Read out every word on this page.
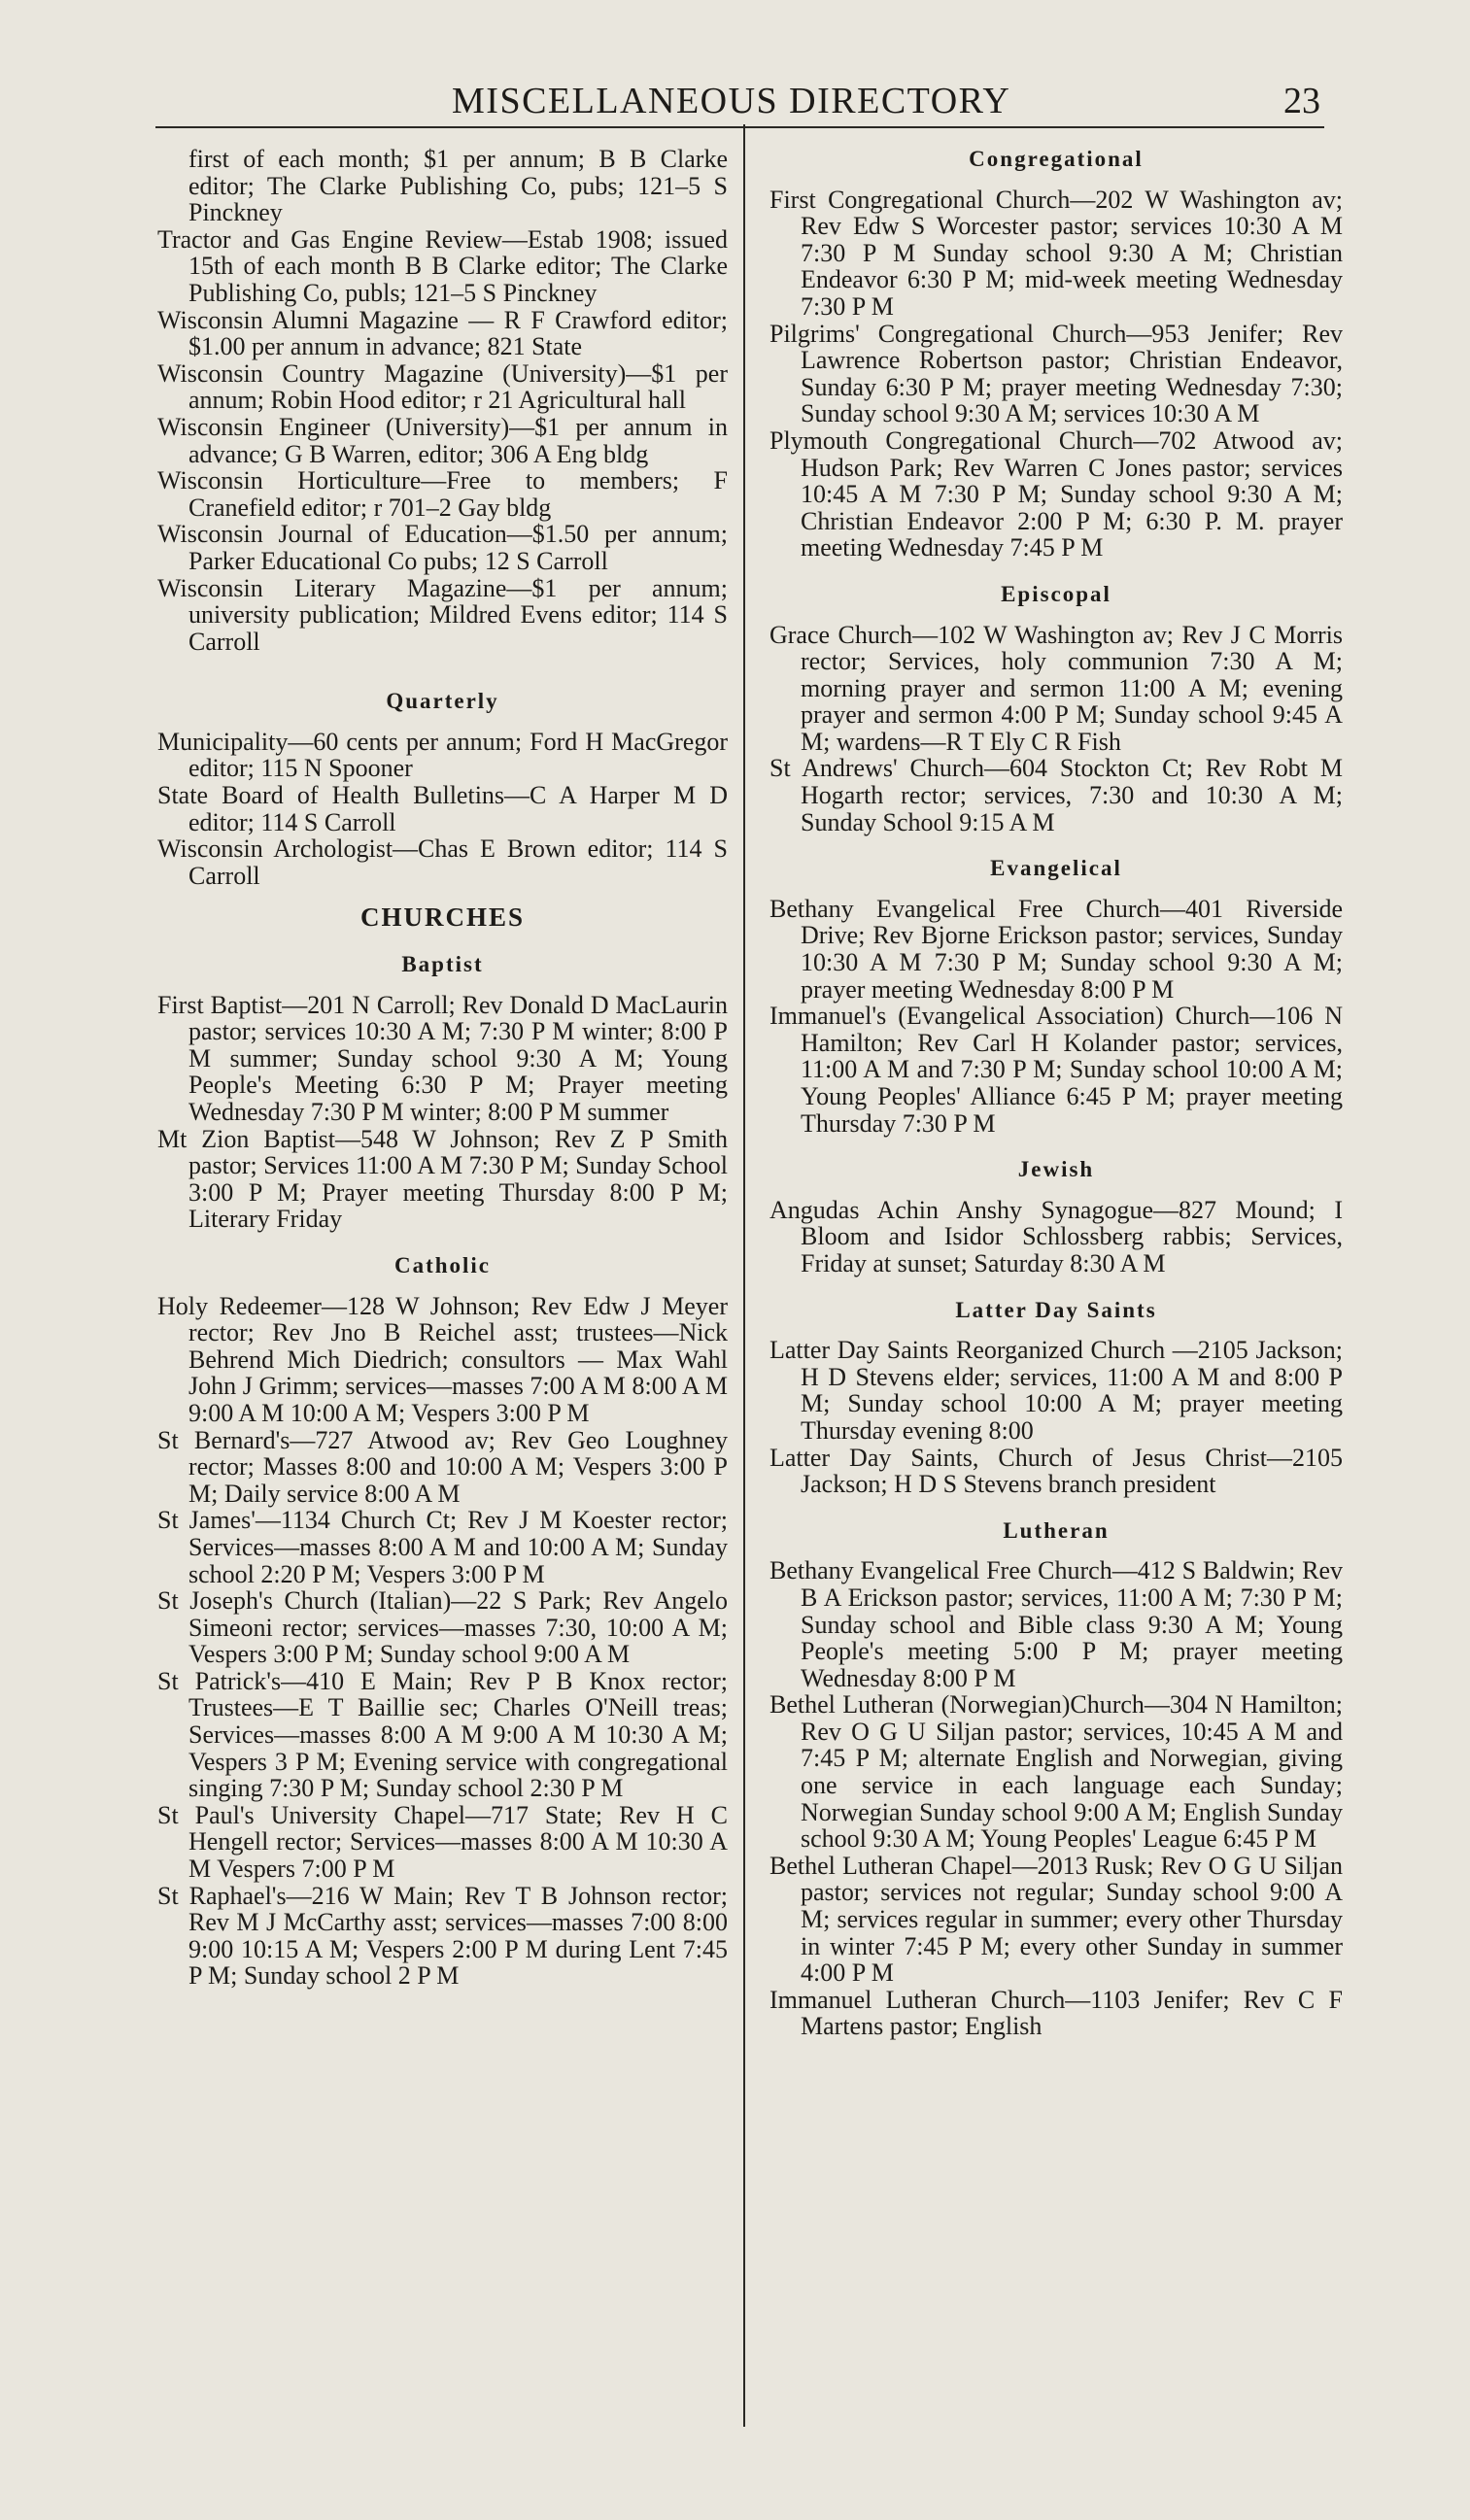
MISCELLANEOUS DIRECTORY	23

first of each month; $1 per annum; B B Clarke editor; The Clarke Publishing Co, pubs; 121–5 S Pinckney

Tractor and Gas Engine Review—Estab 1908; issued 15th of each month B B Clarke editor; The Clarke Publishing Co, publs; 121–5 S Pinckney

Wisconsin Alumni Magazine — R F Crawford editor; $1.00 per annum in advance; 821 State

Wisconsin Country Magazine (University)—$1 per annum; Robin Hood editor; r 21 Agricultural hall

Wisconsin Engineer (University)—$1 per annum in advance; G B Warren, editor; 306 A Eng bldg

Wisconsin Horticulture—Free to members; F Cranefield editor; r 701–2 Gay bldg

Wisconsin Journal of Education—$1.50 per annum; Parker Educational Co pubs; 12 S Carroll

Wisconsin Literary Magazine—$1 per annum; university publication; Mildred Evens editor; 114 S Carroll

Quarterly

Municipality—60 cents per annum; Ford H MacGregor editor; 115 N Spooner

State Board of Health Bulletins—C A Harper M D editor; 114 S Carroll

Wisconsin Archologist—Chas E Brown editor; 114 S Carroll

CHURCHES
Baptist

First Baptist—201 N Carroll; Rev Donald D MacLaurin pastor; services 10:30 A M; 7:30 P M winter; 8:00 P M summer; Sunday school 9:30 A M; Young People's Meeting 6:30 P M; Prayer meeting Wednesday 7:30 P M winter; 8:00 P M summer

Mt Zion Baptist—548 W Johnson; Rev Z P Smith pastor; Services 11:00 A M 7:30 P M; Sunday School 3:00 P M; Prayer meeting Thursday 8:00 P M; Literary Friday

Catholic

Holy Redeemer—128 W Johnson; Rev Edw J Meyer rector; Rev Jno B Reichel asst; trustees—Nick Behrend Mich Diedrich; consultors — Max Wahl John J Grimm; services—masses 7:00 A M 8:00 A M 9:00 A M 10:00 A M; Vespers 3:00 P M

St Bernard's—727 Atwood av; Rev Geo Loughney rector; Masses 8:00 and 10:00 A M; Vespers 3:00 P M; Daily service 8:00 A M

St James'—1134 Church Ct; Rev J M Koester rector; Services—masses 8:00 A M and 10:00 A M; Sunday school 2:20 P M; Vespers 3:00 P M

St Joseph's Church (Italian)—22 S Park; Rev Angelo Simeoni rector; services—masses 7:30, 10:00 A M; Vespers 3:00 P M; Sunday school 9:00 A M

St Patrick's—410 E Main; Rev P B Knox rector; Trustees—E T Baillie sec; Charles O'Neill treas; Services—masses 8:00 A M 9:00 A M 10:30 A M; Vespers 3 P M; Evening service with congregational singing 7:30 P M; Sunday school 2:30 P M

St Paul's University Chapel—717 State; Rev H C Hengell rector; Services—masses 8:00 A M 10:30 A M Vespers 7:00 P M

St Raphael's—216 W Main; Rev T B Johnson rector; Rev M J McCarthy asst; services—masses 7:00 8:00 9:00 10:15 A M; Vespers 2:00 P M during Lent 7:45 P M; Sunday school 2 P M

Congregational

First Congregational Church—202 W Washington av; Rev Edw S Worcester pastor; services 10:30 A M 7:30 P M Sunday school 9:30 A M; Christian Endeavor 6:30 P M; mid-week meeting Wednesday 7:30 P M

Pilgrims' Congregational Church—953 Jenifer; Rev Lawrence Robertson pastor; Christian Endeavor, Sunday 6:30 P M; prayer meeting Wednesday 7:30; Sunday school 9:30 A M; services 10:30 A M

Plymouth Congregational Church—702 Atwood av; Hudson Park; Rev Warren C Jones pastor; services 10:45 A M 7:30 P M; Sunday school 9:30 A M; Christian Endeavor 2:00 P M; 6:30 P. M. prayer meeting Wednesday 7:45 P M

Episcopal

Grace Church—102 W Washington av; Rev J C Morris rector; Services, holy communion 7:30 A M; morning prayer and sermon 11:00 A M; evening prayer and sermon 4:00 P M; Sunday school 9:45 A M; wardens—R T Ely C R Fish

St Andrews' Church—604 Stockton Ct; Rev Robt M Hogarth rector; services, 7:30 and 10:30 A M; Sunday School 9:15 A M

Evangelical

Bethany Evangelical Free Church—401 Riverside Drive; Rev Bjorne Erickson pastor; services, Sunday 10:30 A M 7:30 P M; Sunday school 9:30 A M; prayer meeting Wednesday 8:00 P M

Immanuel's (Evangelical Association) Church—106 N Hamilton; Rev Carl H Kolander pastor; services, 11:00 A M and 7:30 P M; Sunday school 10:00 A M; Young Peoples' Alliance 6:45 P M; prayer meeting Thursday 7:30 P M

Jewish

Angudas Achin Anshy Synagogue—827 Mound; I Bloom and Isidor Schlossberg rabbis; Services, Friday at sunset; Saturday 8:30 A M

Latter Day Saints

Latter Day Saints Reorganized Church —2105 Jackson; H D Stevens elder; services, 11:00 A M and 8:00 P M; Sunday school 10:00 A M; prayer meeting Thursday evening 8:00

Latter Day Saints, Church of Jesus Christ—2105 Jackson; H D S Stevens branch president

Lutheran

Bethany Evangelical Free Church—412 S Baldwin; Rev B A Erickson pastor; services, 11:00 A M; 7:30 P M; Sunday school and Bible class 9:30 A M; Young People's meeting 5:00 P M; prayer meeting Wednesday 8:00 P M

Bethel Lutheran (Norwegian)Church—304 N Hamilton; Rev O G U Siljan pastor; services, 10:45 A M and 7:45 P M; alternate English and Norwegian, giving one service in each language each Sunday; Norwegian Sunday school 9:00 A M; English Sunday school 9:30 A M; Young Peoples' League 6:45 P M

Bethel Lutheran Chapel—2013 Rusk; Rev O G U Siljan pastor; services not regular; Sunday school 9:00 A M; services regular in summer; every other Thursday in winter 7:45 P M; every other Sunday in summer 4:00 P M

Immanuel Lutheran Church—1103 Jenifer; Rev C F Martens pastor; English
